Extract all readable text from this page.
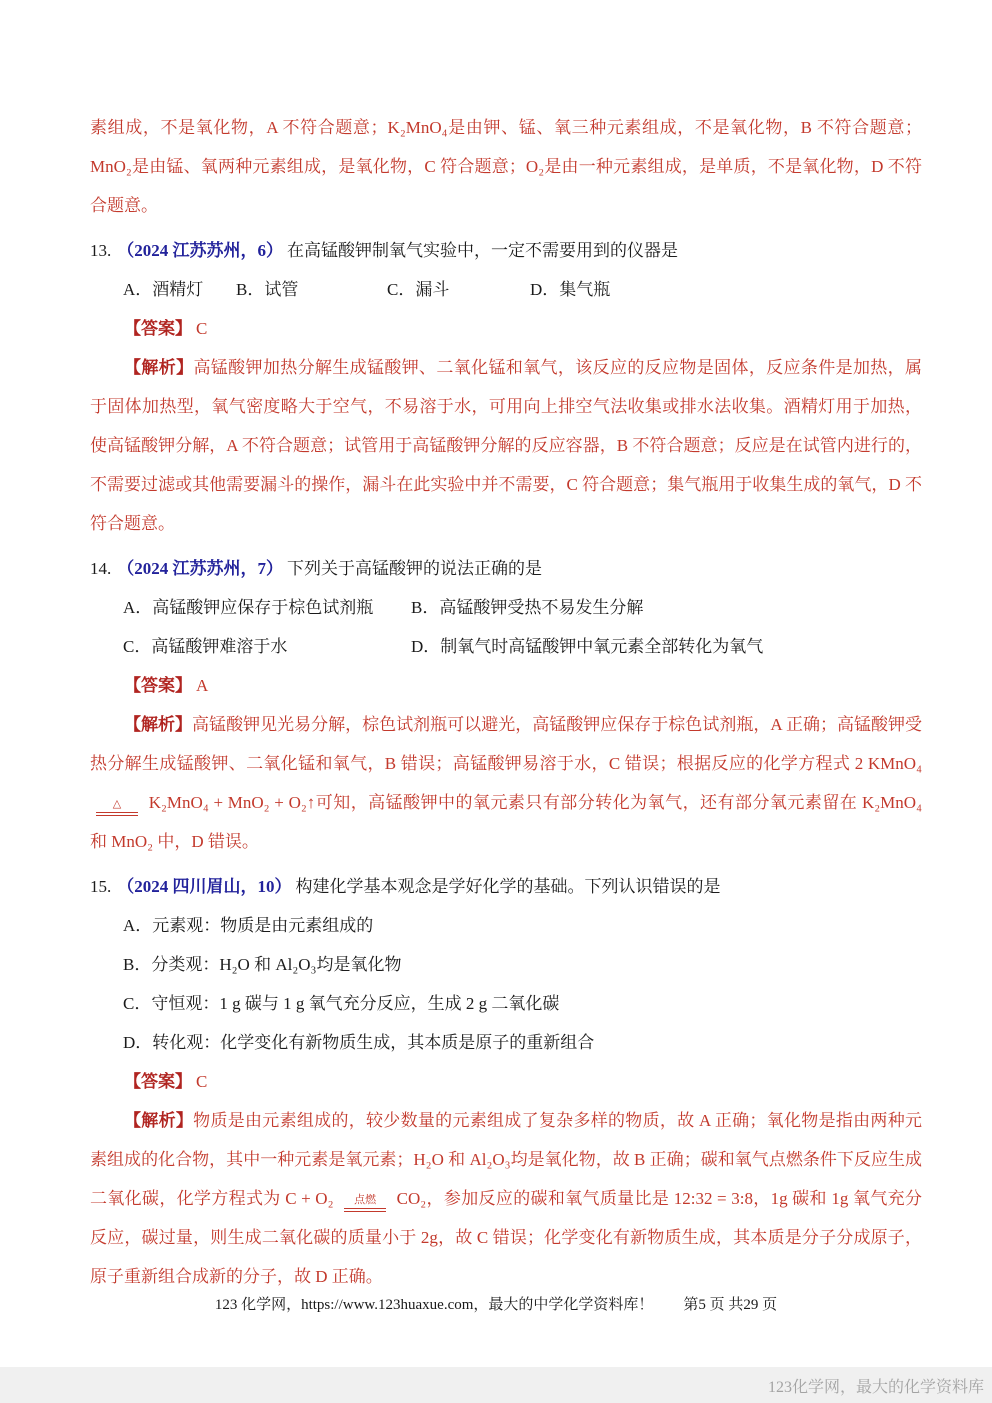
素组成，不是氧化物，A 不符合题意；K₂MnO₄是由钾、锰、氧三种元素组成，不是氧化物，B 不符合题意；MnO₂是由锰、氧两种元素组成，是氧化物，C 符合题意；O₂是由一种元素组成，是单质，不是氧化物，D 不符合题意。

13. （2024 江苏苏州，6） 在高锰酸钾制氧气实验中，一定不需要用到的仪器是

A．酒精灯	B．试管	C．漏斗	D．集气瓶

【答案】 C

【解析】高锰酸钾加热分解生成锰酸钾、二氧化锰和氧气，该反应的反应物是固体，反应条件是加热，属于固体加热型，氧气密度略大于空气，不易溶于水，可用向上排空气法收集或排水法收集。酒精灯用于加热，使高锰酸钾分解，A 不符合题意；试管用于高锰酸钾分解的反应容器，B 不符合题意；反应是在试管内进行的，不需要过滤或其他需要漏斗的操作，漏斗在此实验中并不需要，C 符合题意；集气瓶用于收集生成的氧气，D 不符合题意。

14. （2024 江苏苏州，7） 下列关于高锰酸钾的说法正确的是

A．高锰酸钾应保存于棕色试剂瓶	B．高锰酸钾受热不易发生分解
C．高锰酸钾难溶于水	D．制氧气时高锰酸钾中氧元素全部转化为氧气

【答案】 A

【解析】高锰酸钾见光易分解，棕色试剂瓶可以避光，高锰酸钾应保存于棕色试剂瓶，A 正确；高锰酸钾受热分解生成锰酸钾、二氧化锰和氧气，B 错误；高锰酸钾易溶于水，C 错误；根据反应的化学方程式 2 KMnO₄ △ K₂MnO₄ + MnO₂ + O₂↑可知，高锰酸钾中的氧元素只有部分转化为氧气，还有部分氧元素留在 K₂MnO₄ 和 MnO₂ 中，D 错误。

15. （2024 四川眉山，10） 构建化学基本观念是学好化学的基础。下列认识错误的是

A．元素观：物质是由元素组成的
B．分类观：H₂O 和 Al₂O₃均是氧化物
C．守恒观：1 g 碳与 1 g 氧气充分反应，生成 2 g 二氧化碳
D．转化观：化学变化有新物质生成，其本质是原子的重新组合

【答案】 C

【解析】物质是由元素组成的，较少数量的元素组成了复杂多样的物质，故 A 正确；氧化物是指由两种元素组成的化合物，其中一种元素是氧元素；H₂O 和 Al₂O₃均是氧化物，故 B 正确；碳和氧气点燃条件下反应生成二氧化碳，化学方程式为 C + O₂ 点燃 CO₂，参加反应的碳和氧气质量比是 12:32 = 3:8，1g 碳和 1g 氧气充分反应，碳过量，则生成二氧化碳的质量小于 2g，故 C 错误；化学变化有新物质生成，其本质是分子分成原子，原子重新组合成新的分子，故 D 正确。

123 化学网，https://www.123huaxue.com，最大的中学化学资料库！ 第5 页 共29 页
123化学网，最大的化学资料库
